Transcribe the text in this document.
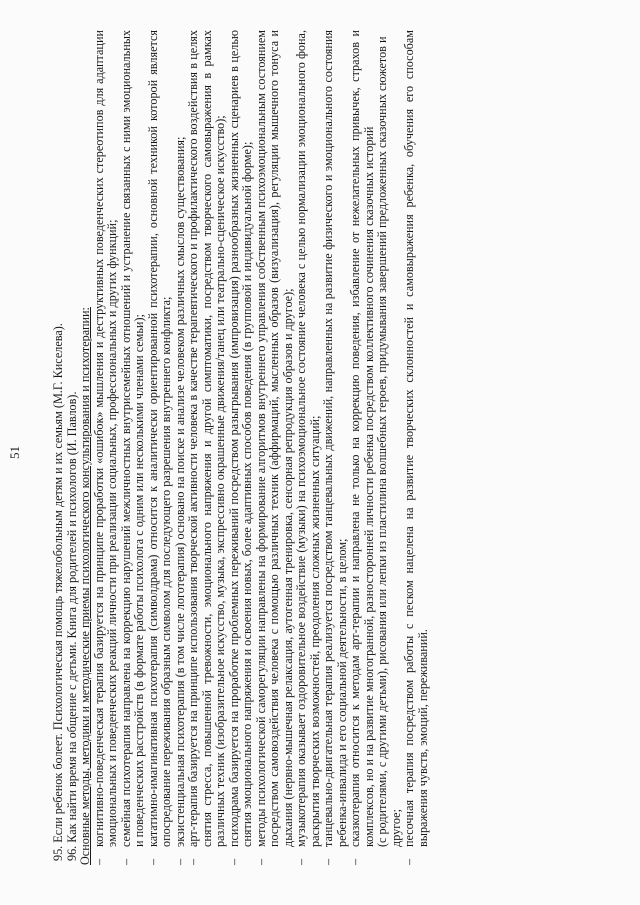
51 95. Если ребенок болеет. Психологическая помощь тяжелобольным детям и их семьям (М.Г. Киселева). 96. Как найти время на общение с детьми. Книга для родителей и психологов (И. Павлов). Основные методы, методики и методические приемы психологического консультирования и психотерапии: –
когнитивно-поведенческая терапия базируется на принципе проработки «ошибок» мышления и деструктивных поведенческих стереотипов для адаптации эмоциональных и поведенческих реакций личности при реализации социальных, профессиональных и других функций;
–
семейная психотерапия направлена на коррекцию нарушений межличностных внутрисемейных отношений и устранение связанных с ними эмоциональных и поведенческих расстройств (в формате работы психолога с одним или несколькими членами семьи);
–
кататимно-имагинативная психотерапия (символдрама) относится к аналитически ориентированной психотерапии, основной техникой которой является опосредование переживания образным символом для последующего разрешения внутреннего конфликта;
–
экзистенциальная психотерапия (в том числе логотерапия) основано на поиске и анализе человеком различных смыслов существования;
–
арт-терапия базируется на принципе использования творческой активности человека в качестве терапевтического и профилактического воздействия в целях снятия стресса, повышенной тревожности, эмоционального напряжения и другой симптоматики, посредством творческого самовыражения в рамках различных техник (изобразительное искусство, музыка, экспрессивно окрашенные движения/танец или театрально-сценическое искусство);
–
психодрама базируется на проработке проблемных переживаний посредством разыгрывания (импровизация) разнообразных жизненных сценариев в целью снятия эмоционального напряжения и освоения новых, более адаптивных способов поведения (в групповой и индивидуальной форме);
–
методы психологической саморегуляции направлены на формирование алгоритмов внутреннего управления собственным психоэмоциональным состоянием посредством самовоздействия человека с помощью различных техник (аффирмаций, мысленных образов (визуализация), регуляции мышечного тонуса и дыхания (нервно-мышечная релаксация, аутогенная тренировка, сенсорная репродукция образов и другое);
–
музыкотерапия оказывает оздоровительное воздействие (музыки) на психоэмоциональное состояние человека с целью нормализации эмоционального фона, раскрытия творческих возможностей, преодоления сложных жизненных ситуаций;
–
танцевально-двигательная терапия реализуется посредством танцевальных движений, направленных на развитие физического и эмоционального состояния ребенка-инвалида и его социальной деятельности, в целом;
–
сказкотерапия относится к методам арт-терапии и направлена не только на коррекцию поведения, избавление от нежелательных привычек, страхов и комплексов, но и на развитие многогранной, разносторонней личности ребенка посредством коллективного сочинения сказочных историй (с родителями, с другими детьми), рисования или лепки из пластилина волшебных героев, придумывания завершений предложенных сказочных сюжетов и другое;

–
песочная терапия посредством работы с песком нацелена на развитие творческих склонностей и самовыражения ребенка, обучения его способам выражения чувств, эмоций, переживаний.
